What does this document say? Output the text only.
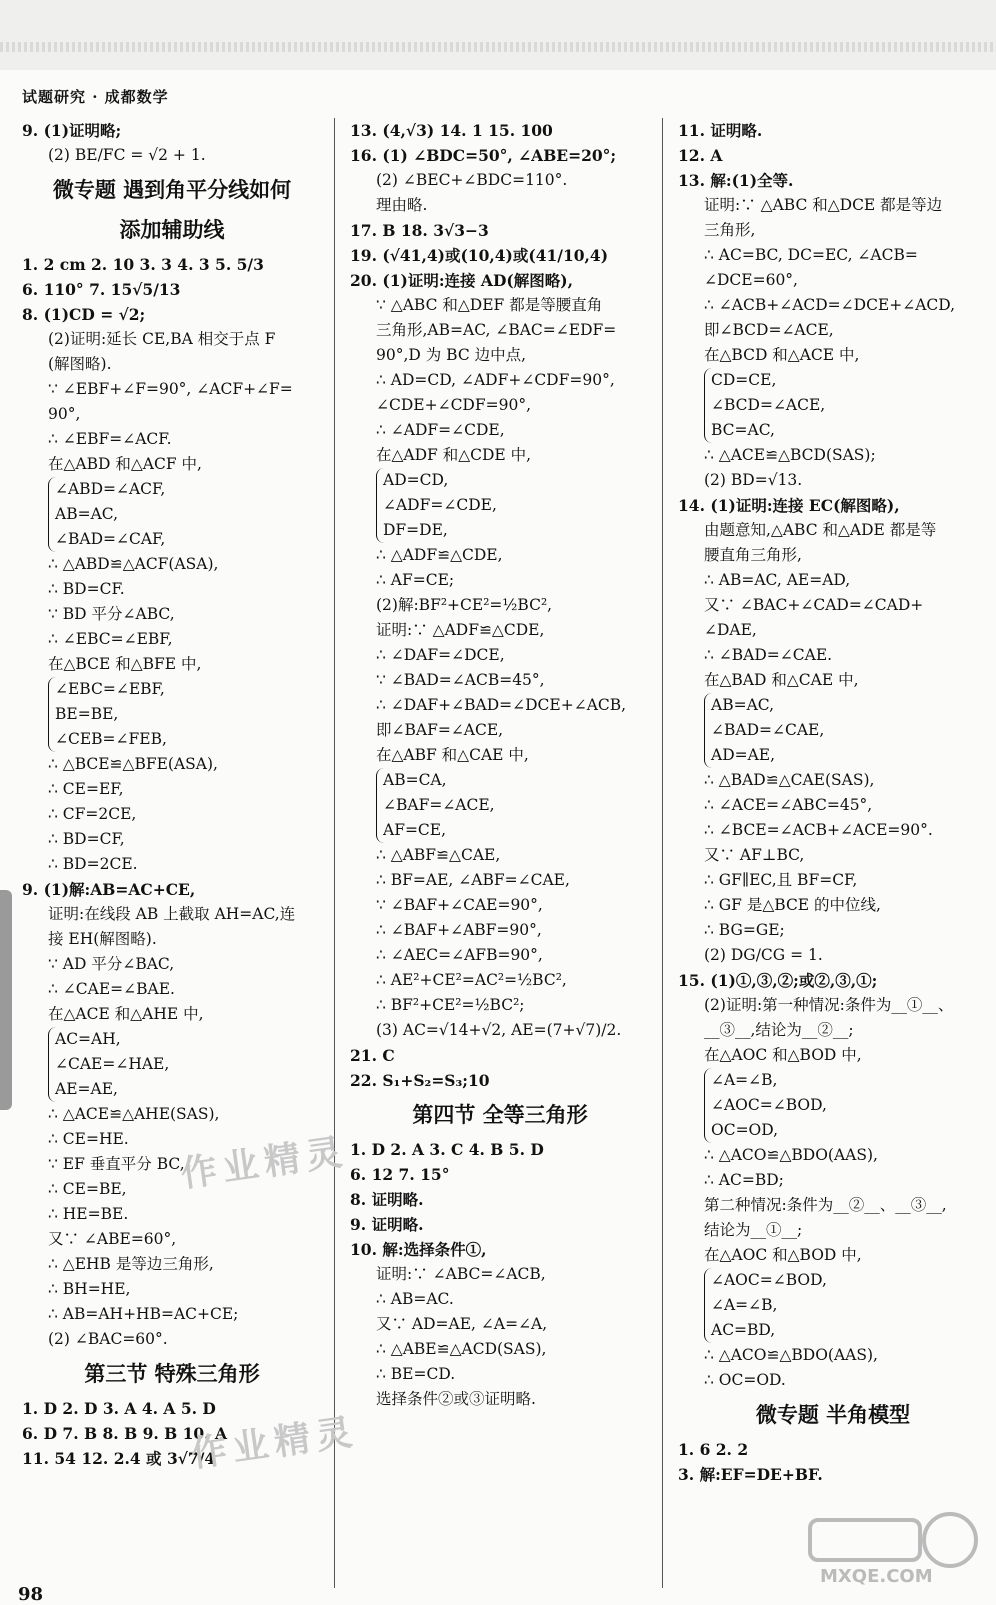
试题研究 · 成都数学
9. (1)证明略;
(2) BE/FC = √2 + 1.
微专题 遇到角平分线如何
添加辅助线
1. 2 cm 2. 10 3. 3 4. 3 5. 5/3
6. 110° 7. 15√5/13
8. (1)CD = √2;
(2)证明:延长 CE,BA 相交于点 F
(解图略).
∵ ∠EBF+∠F=90°, ∠ACF+∠F=
90°,
∴ ∠EBF=∠ACF.
在△ABD 和△ACF 中,
∠ABD=∠ACF,
AB=AC,
∠BAD=∠CAF,
∴ △ABD≌△ACF(ASA),
∴ BD=CF.
∵ BD 平分∠ABC,
∴ ∠EBC=∠EBF,
在△BCE 和△BFE 中,
∠EBC=∠EBF,
BE=BE,
∠CEB=∠FEB,
∴ △BCE≌△BFE(ASA),
∴ CE=EF,
∴ CF=2CE,
∴ BD=CF,
∴ BD=2CE.
9. (1)解:AB=AC+CE,
证明:在线段 AB 上截取 AH=AC,连
接 EH(解图略).
∵ AD 平分∠BAC,
∴ ∠CAE=∠BAE.
在△ACE 和△AHE 中,
AC=AH,
∠CAE=∠HAE,
AE=AE,
∴ △ACE≌△AHE(SAS),
∴ CE=HE.
∵ EF 垂直平分 BC,
∴ CE=BE,
∴ HE=BE.
又∵ ∠ABE=60°,
∴ △EHB 是等边三角形,
∴ BH=HE,
∴ AB=AH+HB=AC+CE;
(2) ∠BAC=60°.
第三节 特殊三角形
1. D 2. D 3. A 4. A 5. D
6. D 7. B 8. B 9. B 10. A
11. 54 12. 2.4 或 3√7/4
13. (4,√3) 14. 1 15. 100
16. (1) ∠BDC=50°, ∠ABE=20°;
(2) ∠BEC+∠BDC=110°.
理由略.
17. B 18. 3√3−3
19. (√41,4)或(10,4)或(41/10,4)
20. (1)证明:连接 AD(解图略),
∵ △ABC 和△DEF 都是等腰直角
三角形,AB=AC, ∠BAC=∠EDF=
90°,D 为 BC 边中点,
∴ AD=CD, ∠ADF+∠CDF=90°,
∠CDE+∠CDF=90°,
∴ ∠ADF=∠CDE,
在△ADF 和△CDE 中,
AD=CD,
∠ADF=∠CDE,
DF=DE,
∴ △ADF≌△CDE,
∴ AF=CE;
(2)解:BF²+CE²=½BC²,
证明:∵ △ADF≌△CDE,
∴ ∠DAF=∠DCE,
∵ ∠BAD=∠ACB=45°,
∴ ∠DAF+∠BAD=∠DCE+∠ACB,
即∠BAF=∠ACE,
在△ABF 和△CAE 中,
AB=CA,
∠BAF=∠ACE,
AF=CE,
∴ △ABF≌△CAE,
∴ BF=AE, ∠ABF=∠CAE,
∵ ∠BAF+∠CAE=90°,
∴ ∠BAF+∠ABF=90°,
∴ ∠AEC=∠AFB=90°,
∴ AE²+CE²=AC²=½BC²,
∴ BF²+CE²=½BC²;
(3) AC=√14+√2, AE=(7+√7)/2.
21. C
22. S₁+S₂=S₃;10
第四节 全等三角形
1. D 2. A 3. C 4. B 5. D
6. 12 7. 15°
8. 证明略.
9. 证明略.
10. 解:选择条件①,
证明:∵ ∠ABC=∠ACB,
∴ AB=AC.
又∵ AD=AE, ∠A=∠A,
∴ △ABE≌△ACD(SAS),
∴ BE=CD.
选择条件②或③证明略.
11. 证明略.
12. A
13. 解:(1)全等.
证明:∵ △ABC 和△DCE 都是等边
三角形,
∴ AC=BC, DC=EC, ∠ACB=
∠DCE=60°,
∴ ∠ACB+∠ACD=∠DCE+∠ACD,
即∠BCD=∠ACE,
在△BCD 和△ACE 中,
CD=CE,
∠BCD=∠ACE,
BC=AC,
∴ △ACE≌△BCD(SAS);
(2) BD=√13.
14. (1)证明:连接 EC(解图略),
由题意知,△ABC 和△ADE 都是等
腰直角三角形,
∴ AB=AC, AE=AD,
又∵ ∠BAC+∠CAD=∠CAD+
∠DAE,
∴ ∠BAD=∠CAE.
在△BAD 和△CAE 中,
AB=AC,
∠BAD=∠CAE,
AD=AE,
∴ △BAD≌△CAE(SAS),
∴ ∠ACE=∠ABC=45°,
∴ ∠BCE=∠ACB+∠ACE=90°.
又∵ AF⊥BC,
∴ GF∥EC,且 BF=CF,
∴ GF 是△BCE 的中位线,
∴ BG=GE;
(2) DG/CG = 1.
15. (1)①,③,②;或②,③,①;
(2)证明:第一种情况:条件为__①__、
__③__,结论为__②__;
在△AOC 和△BOD 中,
∠A=∠B,
∠AOC=∠BOD,
OC=OD,
∴ △ACO≌△BDO(AAS),
∴ AC=BD;
第二种情况:条件为__②__、__③__,
结论为__①__;
在△AOC 和△BOD 中,
∠AOC=∠BOD,
∠A=∠B,
AC=BD,
∴ △ACO≌△BDO(AAS),
∴ OC=OD.
微专题 半角模型
1. 6 2. 2
3. 解:EF=DE+BF.
作业精灵
作业精灵
MXQE.COM
98
